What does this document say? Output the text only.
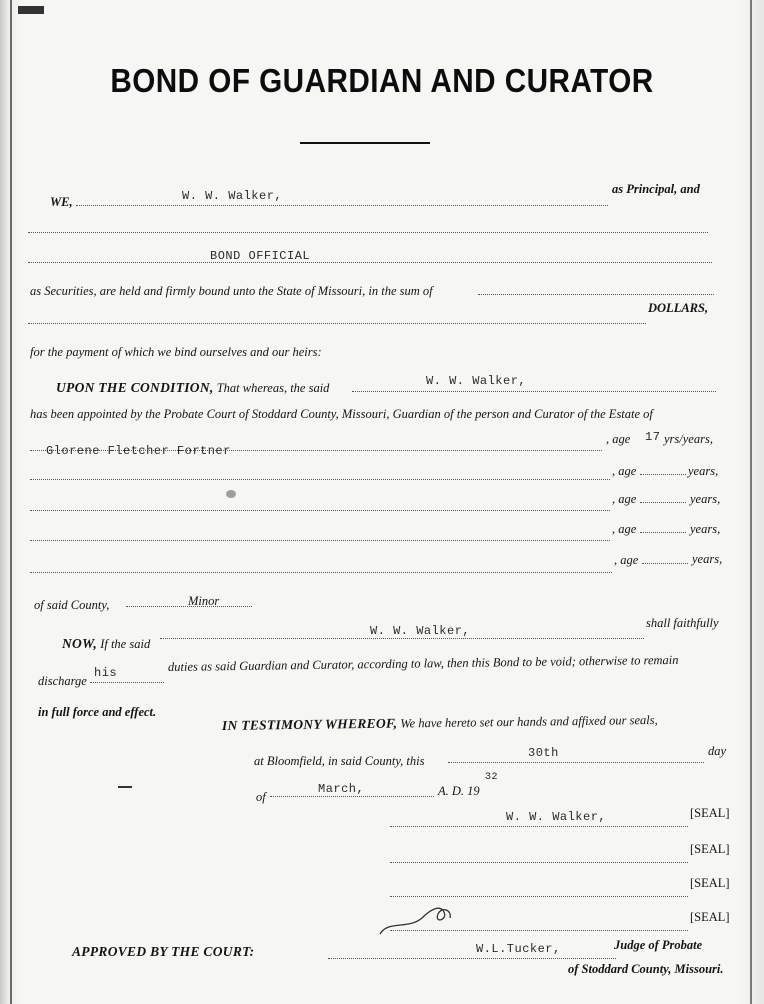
BOND OF GUARDIAN AND CURATOR
WE,	W. W. Walker,	as Principal, and
BOND OFFICIAL
as Securities, are held and firmly bound unto the State of Missouri, in the sum of
DOLLARS,
for the payment of which we bind ourselves and our heirs:
UPON THE CONDITION, That whereas, the said	W. W. Walker,
has been appointed by the Probate Court of Stoddard County, Missouri, Guardian of the person and Curator of the Estate of
Glorene Fletcher Fortner
, age 17 yrs/years,
, age	years,
, age	years,
, age	years,
, age	years,
of said County,	Minor
NOW, If the said
W. W. Walker,
shall faithfully
discharge
his	duties as said Guardian and Curator, according to law, then this Bond to be void; otherwise to remain
in full force and effect.
IN TESTIMONY WHEREOF, We have hereto set our hands and affixed our seals,
at Bloomfield, in said County, this
30th	day
of
March,	A. D. 19
32
W. W. Walker,	[SEAL]
[SEAL]
[SEAL]
[SEAL]
APPROVED BY THE COURT:	W.L.Tucker,	Judge of Probate
of Stoddard County, Missouri.
